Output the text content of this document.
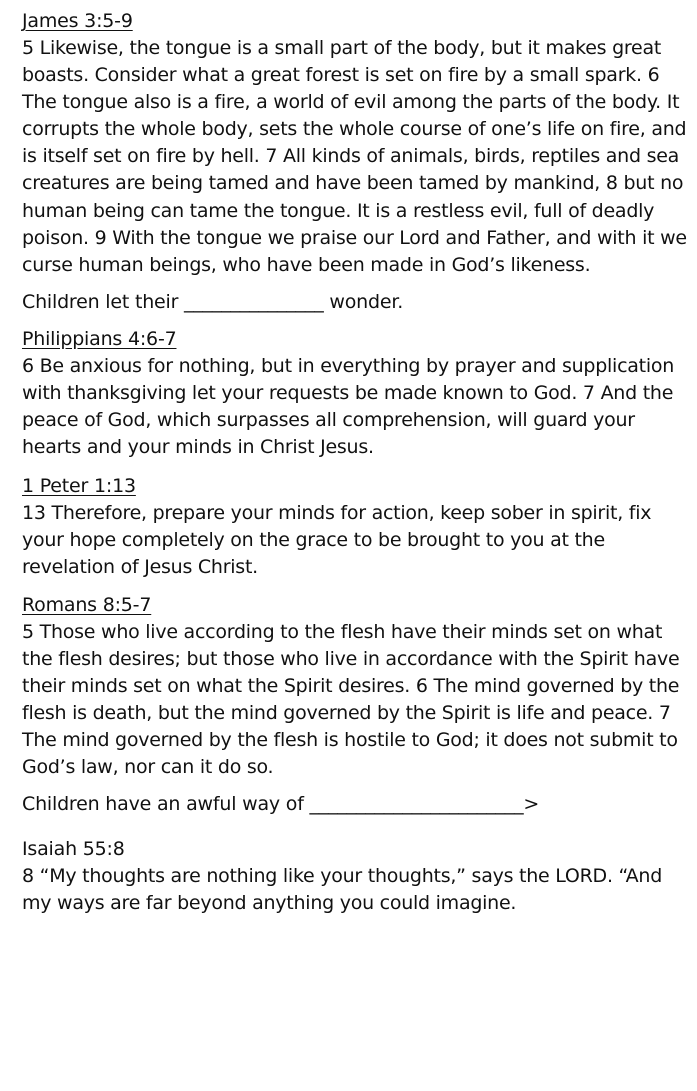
James 3:5-9

5 Likewise, the tongue is a small part of the body, but it makes great boasts. Consider what a great forest is set on fire by a small spark. 6 The tongue also is a fire, a world of evil among the parts of the body. It corrupts the whole body, sets the whole course of one’s life on fire, and is itself set on fire by hell. 7 All kinds of animals, birds, reptiles and sea creatures are being tamed and have been tamed by mankind, 8 but no human being can tame the tongue. It is a restless evil, full of deadly poison. 9 With the tongue we praise our Lord and Father, and with it we curse human beings, who have been made in God’s likeness.

Children let their _______________ wonder.

Philippians 4:6-7

6 Be anxious for nothing, but in everything by prayer and supplication with thanksgiving let your requests be made known to God. 7 And the peace of God, which surpasses all comprehension, will guard your hearts and your minds in Christ Jesus.

1 Peter 1:13

13 Therefore, prepare your minds for action, keep sober in spirit, fix your hope completely on the grace to be brought to you at the revelation of Jesus Christ.

Romans 8:5-7

5 Those who live according to the flesh have their minds set on what the flesh desires; but those who live in accordance with the Spirit have their minds set on what the Spirit desires. 6 The mind governed by the flesh is death, but the mind governed by the Spirit is life and peace. 7 The mind governed by the flesh is hostile to God; it does not submit to God’s law, nor can it do so.

Children have an awful way of _______________________>

Isaiah 55:8

8 “My thoughts are nothing like your thoughts,” says the LORD. “And my ways are far beyond anything you could imagine.
